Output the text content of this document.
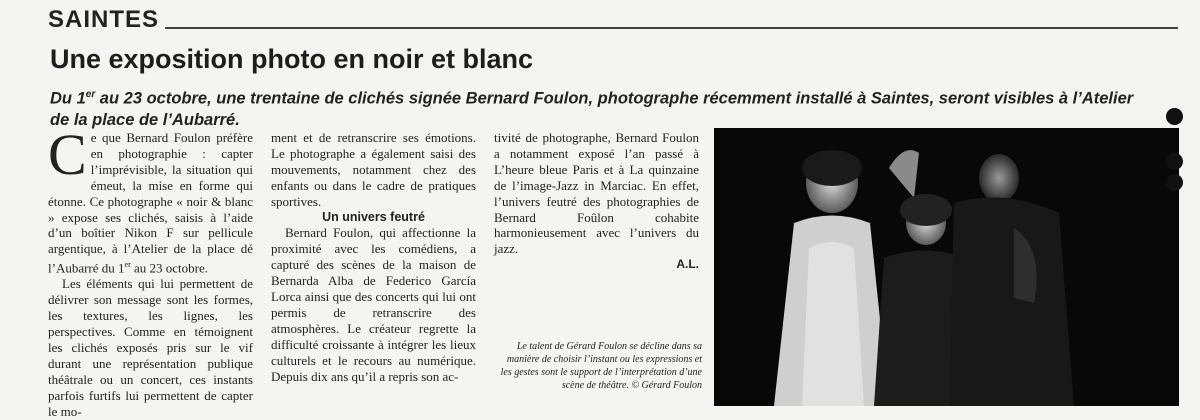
SAINTES
Une exposition photo en noir et blanc
Du 1er au 23 octobre, une trentaine de clichés signée Bernard Foulon, photographe récemment installé à Saintes, seront visibles à l’Atelier de la place de l’Aubarré.

Ce que Bernard Foulon préfère en photographie : capter l’imprévisible, la situation qui émeut, la mise en forme qui étonne. Ce photographe « noir & blanc » expose ses clichés, saisis à l’aide d’un boîtier Nikon F sur pellicule argentique, à l’Atelier de la place dé l’Aubarré du 1er au 23 octobre.

Les éléments qui lui permettent de délivrer son message sont les formes, les textures, les lignes, les perspectives. Comme en témoignent les clichés exposés pris sur le vif durant une représentation publique théâtrale ou un concert, ces instants parfois furtifs lui permettent de capter le mo-

ment et de retranscrire ses émotions. Le photographe a également saisi des mouvements, notamment chez des enfants ou dans le cadre de pratiques sportives.

Un univers feutré

Bernard Foulon, qui affectionne la proximité avec les comédiens, a capturé des scènes de la maison de Bernarda Alba de Federico García Lorca ainsi que des concerts qui lui ont permis de retranscrire des atmosphères. Le créateur regrette la difficulté croissante à intégrer les lieux culturels et le recours au numérique. Depuis dix ans qu’il a repris son ac-

tivité de photographe, Bernard Foulon a notamment exposé l’an passé à L’heure bleue Paris et à La quinzaine de l’image-Jazz in Marciac. En effet, l’univers feutré des photographies de Bernard Foûlon cohabite harmonieusement avec l’univers du jazz.

A.L.

Le talent de Gérard Foulon se décline dans sa manière de choisir l’instant ou les expressions et les gestes sont le support de l’interprétation d’une scène de théâtre. © Gérard Foulon
